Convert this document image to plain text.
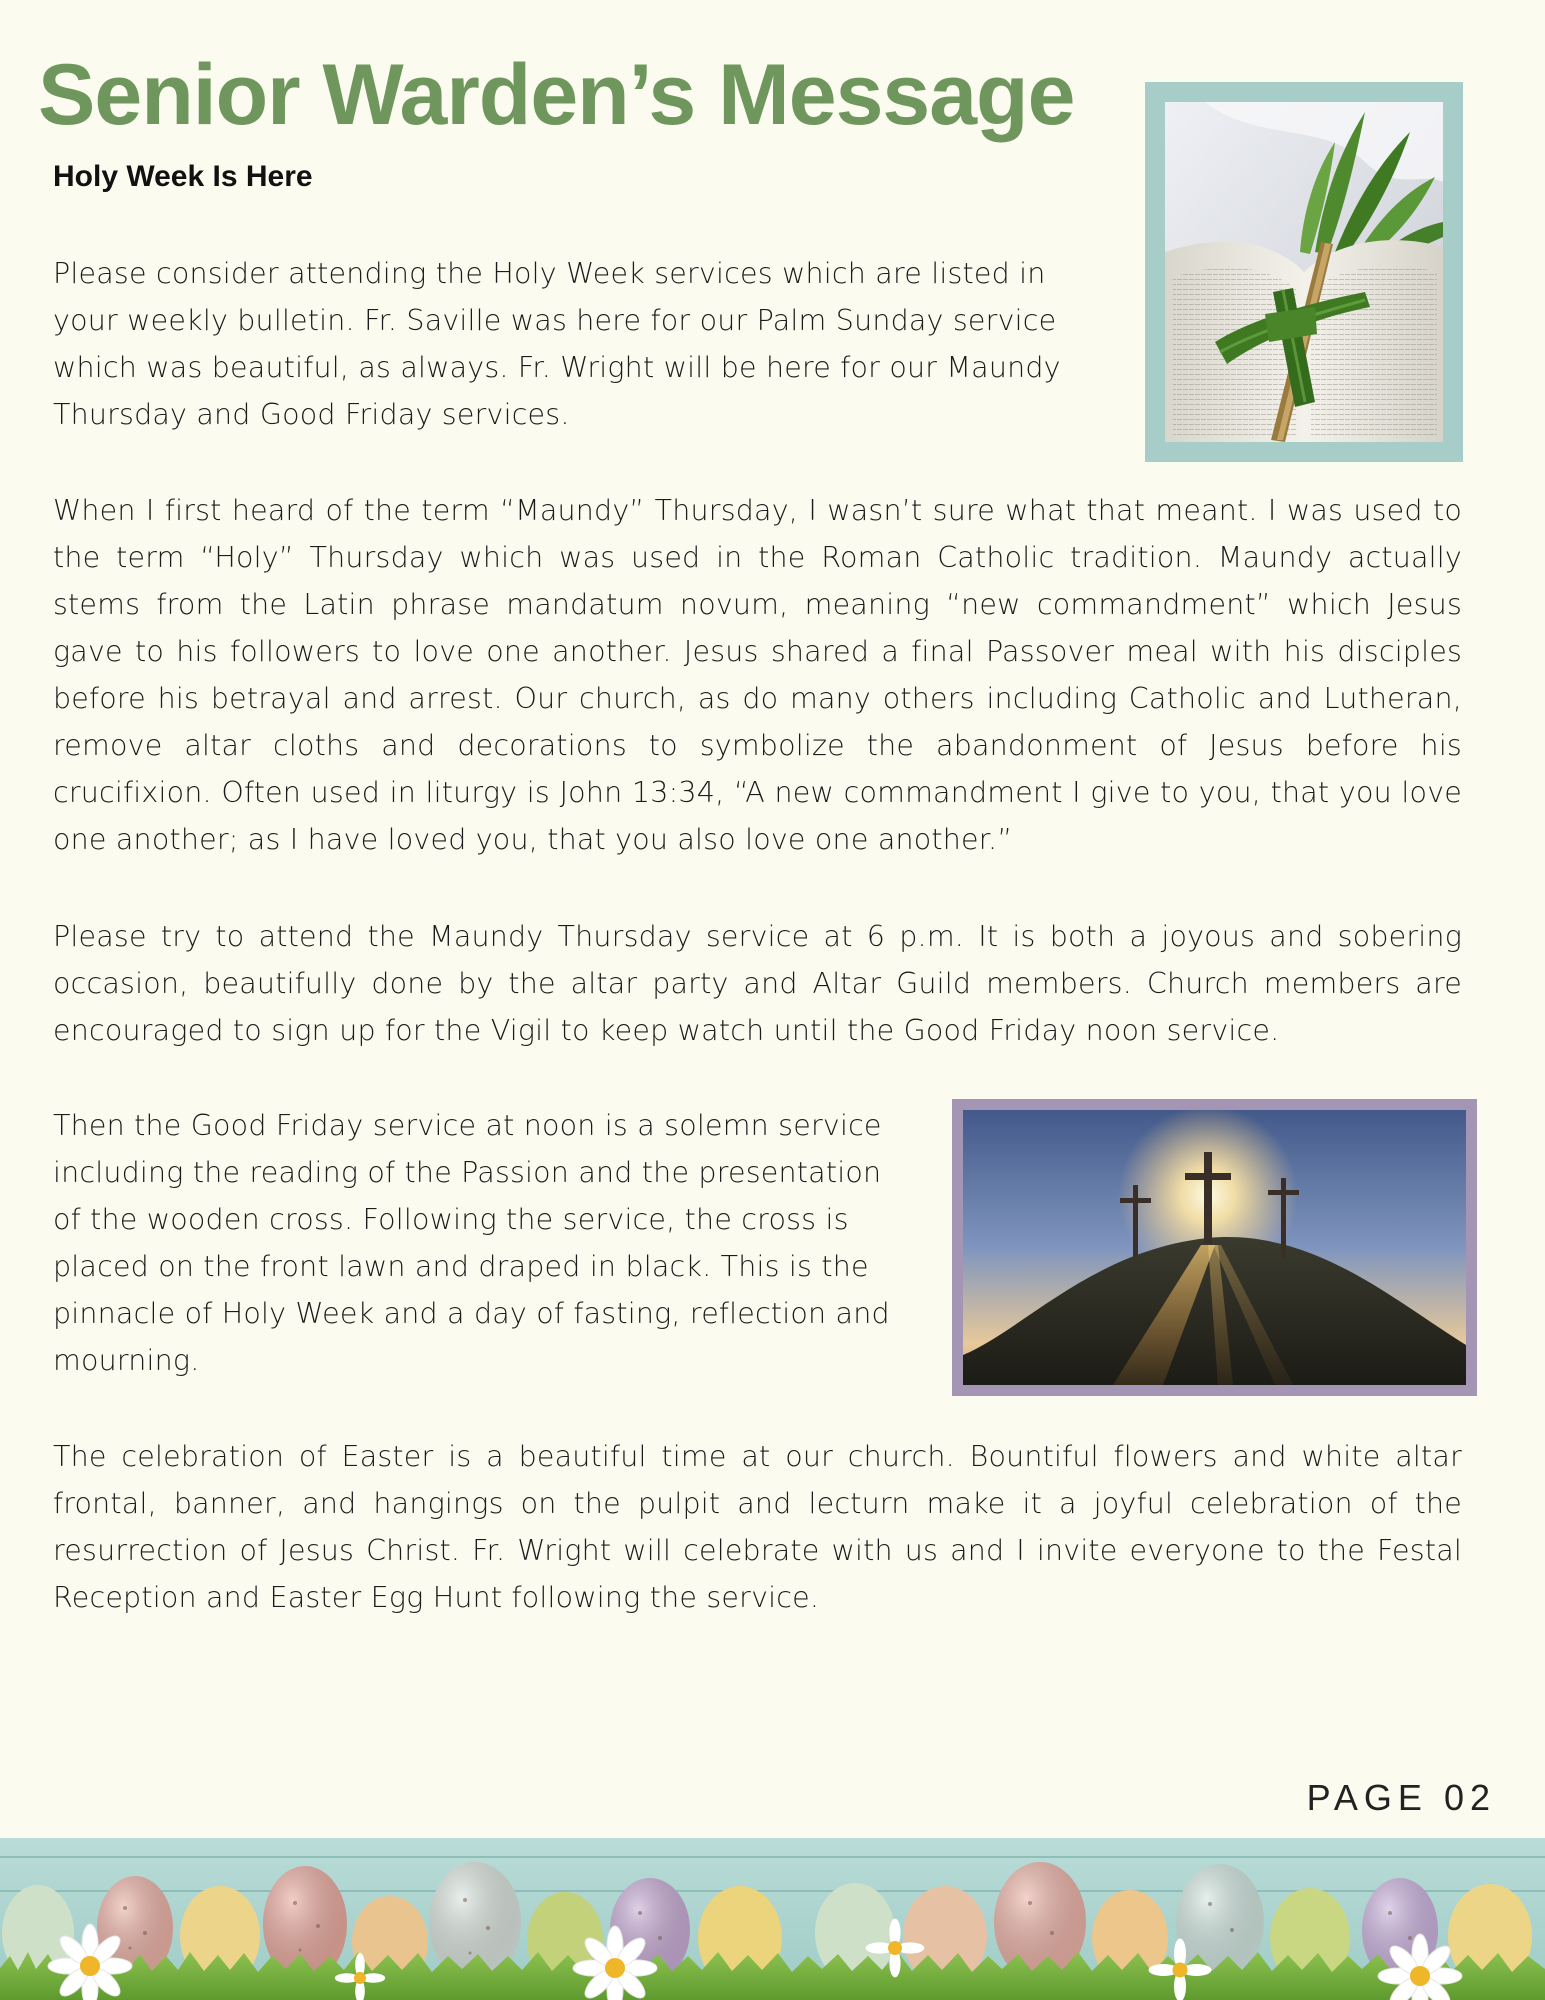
Senior Warden’s Message
Holy Week Is Here

Please consider attending the Holy Week services which are listed in your weekly bulletin. Fr. Saville was here for our Palm Sunday service which was beautiful, as always. Fr. Wright will be here for our Maundy Thursday and Good Friday services.

When I first heard of the term “Maundy” Thursday, I wasn’t sure what that meant. I was used to the term “Holy” Thursday which was used in the Roman Catholic tradition. Maundy actually stems from the Latin phrase mandatum novum, meaning “new commandment” which Jesus gave to his followers to love one another. Jesus shared a final Passover meal with his disciples before his betrayal and arrest. Our church, as do many others including Catholic and Lutheran, remove altar cloths and decorations to symbolize the abandonment of Jesus before his crucifixion. Often used in liturgy is John 13:34, “A new commandment I give to you, that you love one another; as I have loved you, that you also love one another.”

Please try to attend the Maundy Thursday service at 6 p.m. It is both a joyous and sobering occasion, beautifully done by the altar party and Altar Guild members. Church members are encouraged to sign up for the Vigil to keep watch until the Good Friday noon service.

Then the Good Friday service at noon is a solemn service including the reading of the Passion and the presentation of the wooden cross. Following the service, the cross is placed on the front lawn and draped in black. This is the pinnacle of Holy Week and a day of fasting, reflection and mourning.

The celebration of Easter is a beautiful time at our church. Bountiful flowers and white altar frontal, banner, and hangings on the pulpit and lecturn make it a joyful celebration of the resurrection of Jesus Christ. Fr. Wright will celebrate with us and I invite everyone to the Festal Reception and Easter Egg Hunt following the service.

PAGE 02
